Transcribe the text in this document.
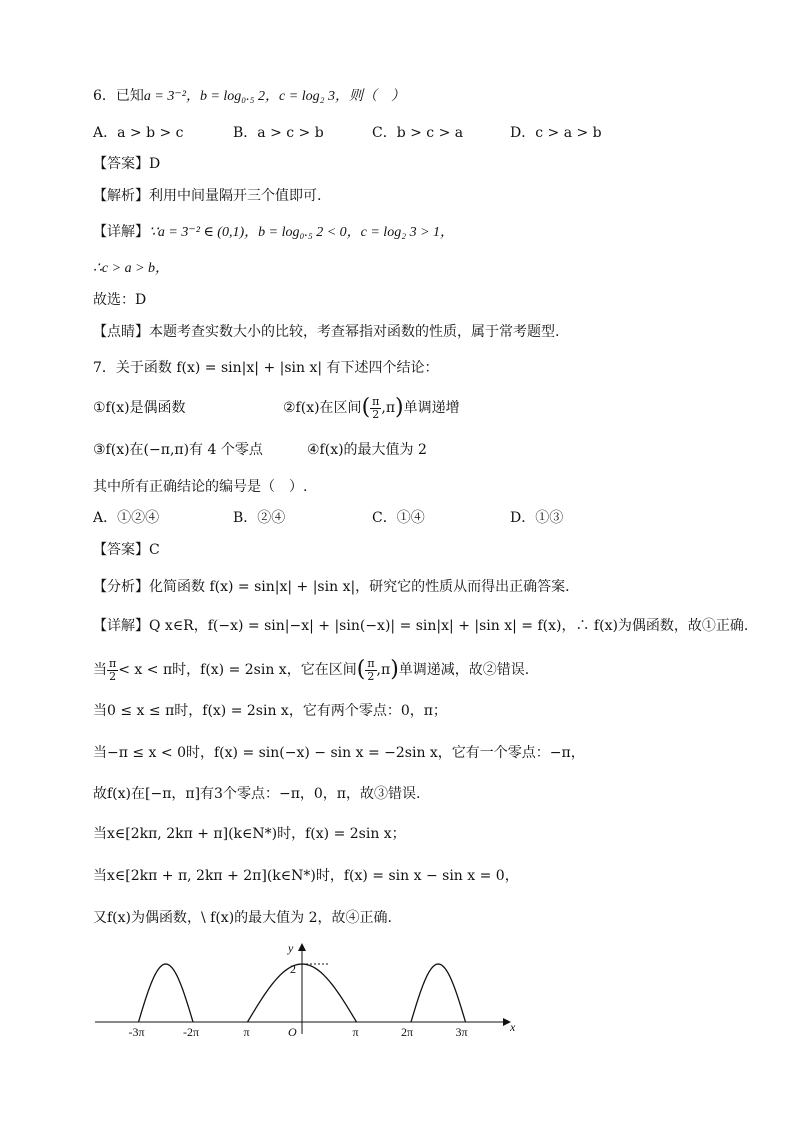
6．已知a = 3⁻²，b = log₀.₅ 2，c = log₂ 3，则（　）
A．a > b > c	B．a > c > b	C．b > c > a	D．c > a > b
【答案】D
【解析】利用中间量隔开三个值即可.
【详解】∵a = 3⁻² ∈ (0,1)，b = log₀.₅ 2 < 0，c = log₂ 3 > 1，
∴c > a > b，
故选：D
【点睛】本题考查实数大小的比较，考查幂指对函数的性质，属于常考题型.
7．关于函数 f(x) = sin|x| + |sin x| 有下述四个结论：
①f(x)是偶函数	②f(x)在区间( $\frac{\pi}{2} ,\pi$)单调递增
③f(x)在(−π,π)有 4 个零点	④f(x)的最大值为 2
其中所有正确结论的编号是（　）.
A．①②④	B．②④	C．①④	D．①③
【答案】C
【分析】化简函数 f(x) = sin|x| + |sin x|，研究它的性质从而得出正确答案.
【详解】Q x∈R，f(−x) = sin|−x| + |sin(−x)| = sin|x| + |sin x| = f(x)，∴ f(x)为偶函数，故①正确.
当 $\frac{\pi}{2} < x < \pi$时，f(x) = 2sin x，它在区间( $\frac{\pi}{2} ,\pi$)单调递减，故②错误.
当0 ≤ x ≤ π时，f(x) = 2sin x，它有两个零点：0，π；
当−π ≤ x < 0时，f(x) = sin(−x) − sin x = −2sin x，它有一个零点：−π，
故f(x)在[−π，π]有3个零点：−π，0，π，故③错误.
当x∈[2kπ, 2kπ + π](k∈N*)时，f(x) = 2sin x；
当x∈[2kπ + π, 2kπ + 2π](k∈N*)时，f(x) = sin x − sin x = 0，
又f(x)为偶函数，\ f(x)的最大值为 2，故④正确.
y
x
O
2
-3π	-2π	π	π	2π	3π
